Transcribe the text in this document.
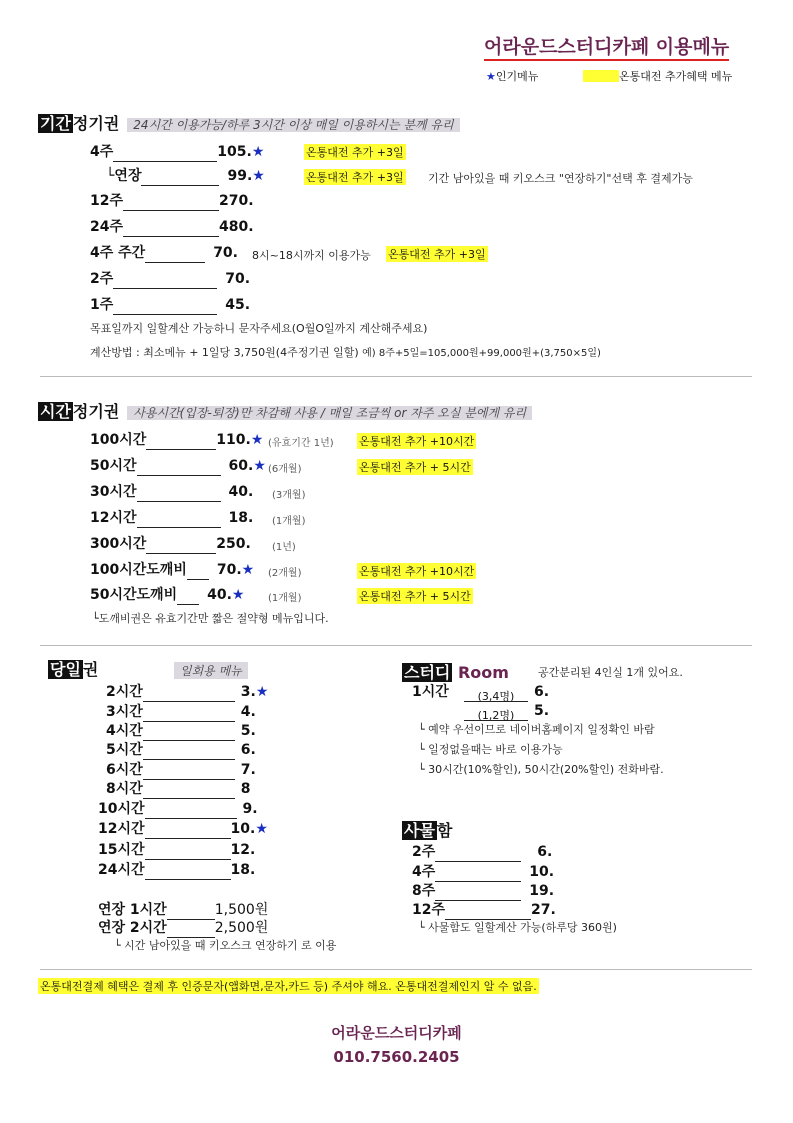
어라운드스터디카페 이용메뉴
★인기메뉴	온통대전 추가혜택 메뉴
기간 정기권 24시간 이용가능/하루 3시간 이상 매일 이용하시는 분께 유리
4주	105.★	온통대전 추가 +3일
└연장	99.★	온통대전 추가 +3일 기간 남아있을 때 키오스크 "연장하기"선택 후 결제가능
12주	270.
24주	480.
4주 주간	70. 8시~18시까지 이용가능 온통대전 추가 +3일
2주	70.
1주	45.
목표일까지 일할계산 가능하니 문자주세요(O월O일까지 계산해주세요)
계산방법 : 최소메뉴 + 1일당 3,750원(4주정기권 일할) 예) 8주+5일=105,000원+99,000원+(3,750×5일)
시간 정기권 사용시간(입장-퇴장)만 차감해 사용 / 매일 조금씩 or 자주 오실 분에게 유리
100시간	110.★ (유효기간 1년) 온통대전 추가 +10시간
50시간	60.★ (6개월)	온통대전 추가 + 5시간
30시간	40. (3개월)
12시간	18. (1개월)
300시간	250. (1년)
100시간도깨비 70.★ (2개월)	온통대전 추가 +10시간
50시간도깨비 40.★ (1개월)	온통대전 추가 + 5시간
└도깨비권은 유효기간만 짧은 절약형 메뉴입니다.
당일 권	일회용 메뉴
2시간	3.★
3시간	4.
4시간	5.
5시간	6.
6시간	7.
8시간	8
10시간	9.
12시간	10.★
15시간	12.
24시간	18.
연장 1시간	1,500원
연장 2시간	2,500원
└ 시간 남아있을 때 키오스크 연장하기 로 이용
스터디 Room	공간분리된 4인실 1개 있어요.
1시간	(3,4명) 6.
(1,2명) 5.
└ 예약 우선이므로 네이버홈페이지 일정확인 바람
└ 일정없을때는 바로 이용가능
└ 30시간(10%할인), 50시간(20%할인) 전화바람.
사물 함
2주	6.
4주	10.
8주	19.
12주	27.
└ 사물함도 일할계산 가능(하루당 360원)
온통대전결제 혜택은 결제 후 인증문자(앱화면,문자,카드 등) 주셔야 해요. 온통대전결제인지 알 수 없음.
어라운드스터디카페
010.7560.2405
